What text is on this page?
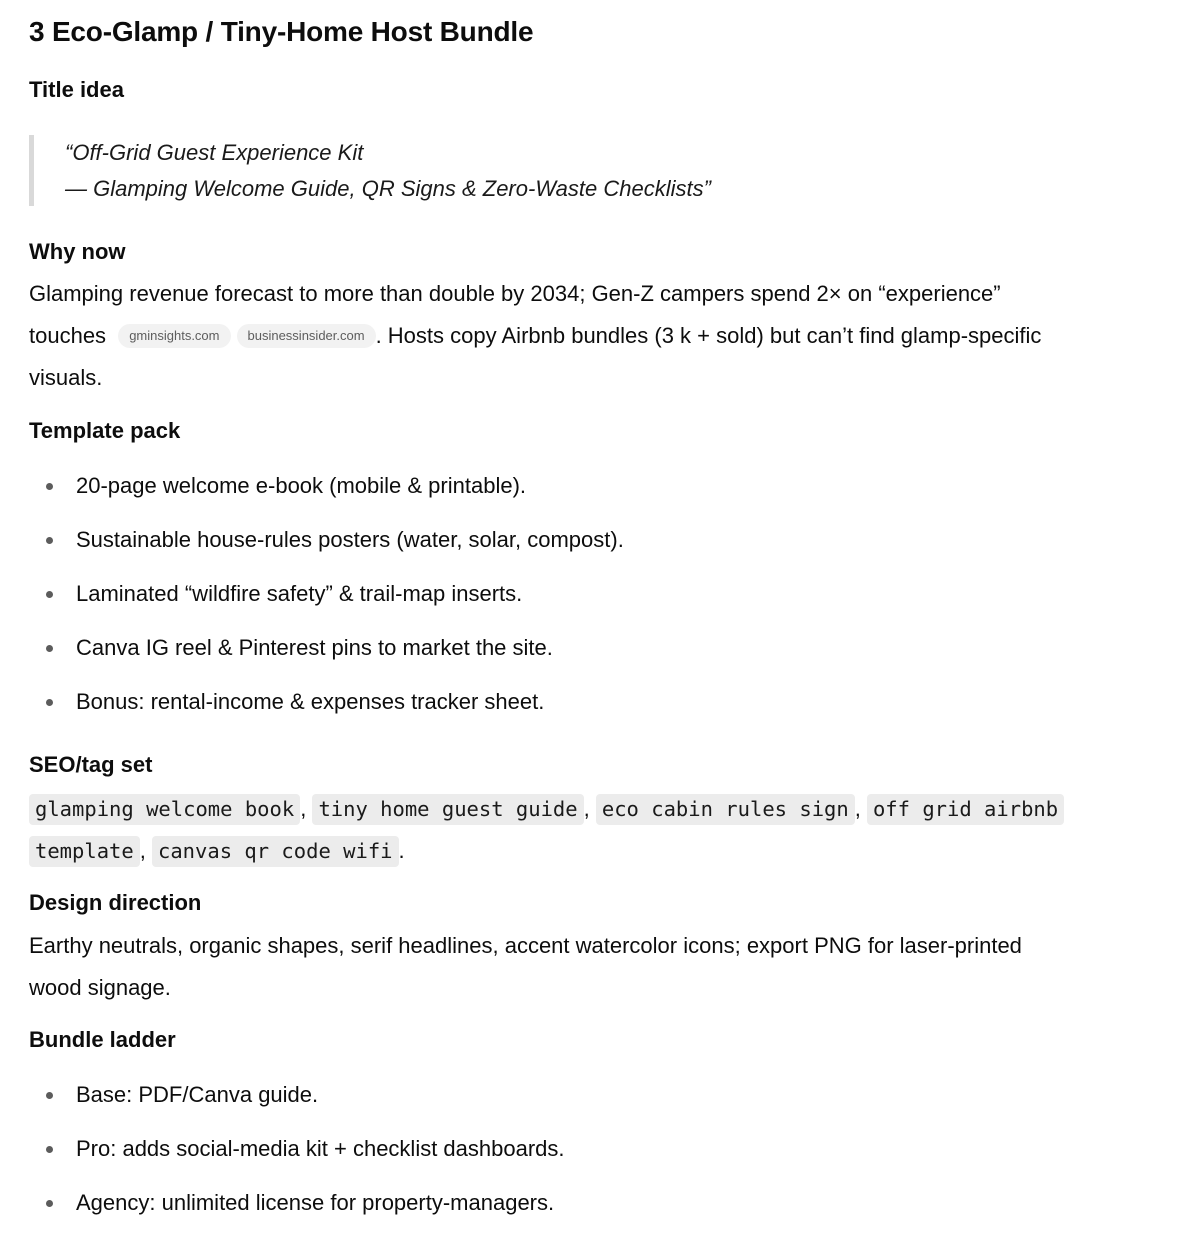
3 Eco-Glamp / Tiny-Home Host Bundle
Title idea
“Off-Grid Guest Experience Kit
— Glamping Welcome Guide, QR Signs & Zero-Waste Checklists”
Why now
Glamping revenue forecast to more than double by 2034; Gen-Z campers spend 2× on “experience”
touches gminsights.com businessinsider.com . Hosts copy Airbnb bundles (3 k + sold) but can’t find glamp-specific
visuals.
Template pack
20-page welcome e-book (mobile & printable).
Sustainable house-rules posters (water, solar, compost).
Laminated “wildfire safety” & trail-map inserts.
Canva IG reel & Pinterest pins to market the site.
Bonus: rental-income & expenses tracker sheet.
SEO/tag set
glamping welcome book , tiny home guest guide , eco cabin rules sign , off grid airbnb
template , canvas qr code wifi .
Design direction
Earthy neutrals, organic shapes, serif headlines, accent watercolor icons; export PNG for laser-printed
wood signage.
Bundle ladder
Base: PDF/Canva guide.
Pro: adds social-media kit + checklist dashboards.
Agency: unlimited license for property-managers.
